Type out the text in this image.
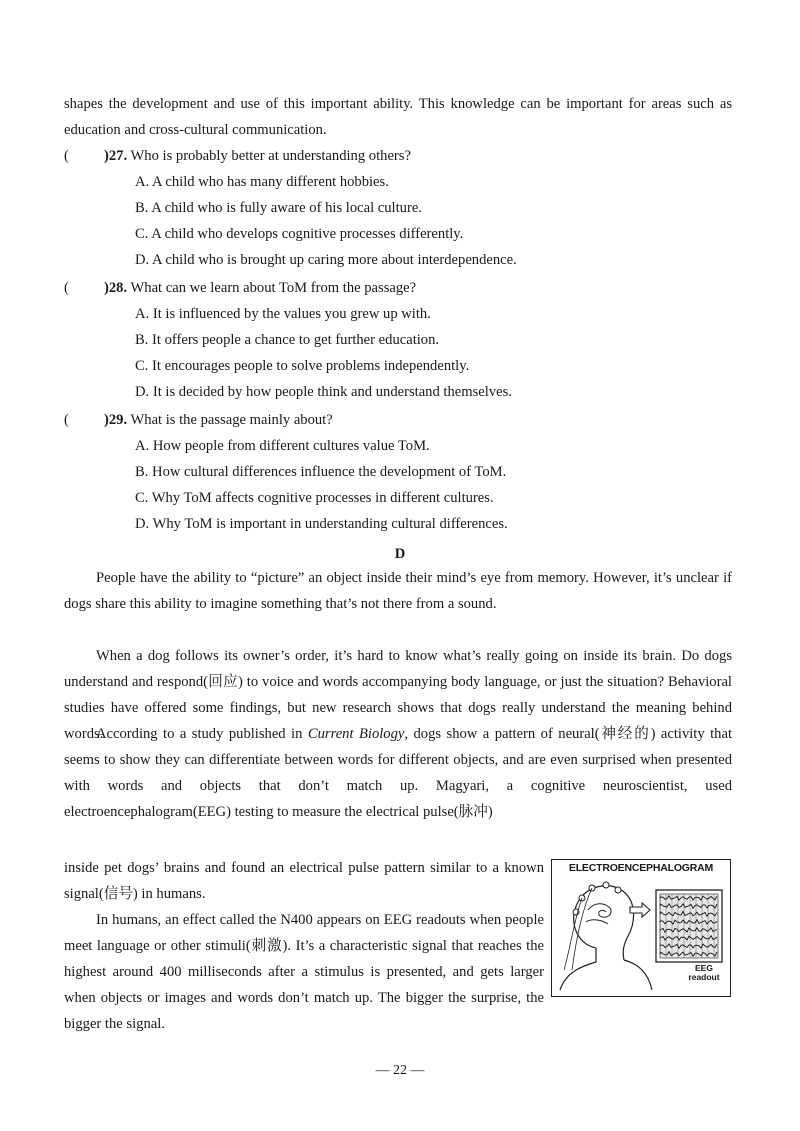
shapes the development and use of this important ability. This knowledge can be important for areas such as education and cross-cultural communication.

( )27. Who is probably better at understanding others?
A. A child who has many different hobbies.
B. A child who is fully aware of his local culture.
C. A child who develops cognitive processes differently.
D. A child who is brought up caring more about interdependence.
( )28. What can we learn about ToM from the passage?
A. It is influenced by the values you grew up with.
B. It offers people a chance to get further education.
C. It encourages people to solve problems independently.
D. It is decided by how people think and understand themselves.
( )29. What is the passage mainly about?
A. How people from different cultures value ToM.
B. How cultural differences influence the development of ToM.
C. Why ToM affects cognitive processes in different cultures.
D. Why ToM is important in understanding cultural differences.
D

People have the ability to “picture” an object inside their mind’s eye from memory. However, it’s unclear if dogs share this ability to imagine something that’s not there from a sound.

When a dog follows its owner’s order, it’s hard to know what’s really going on inside its brain. Do dogs understand and respond(回应) to voice and words accompanying body language, or just the situation? Behavioral studies have offered some findings, but new research shows that dogs really understand the meaning behind words.

According to a study published in Current Biology, dogs show a pattern of neural(神经的) activity that seems to show they can differentiate between words for different objects, and are even surprised when presented with words and objects that don’t match up. Magyari, a cognitive neuroscientist, used electroencephalogram(EEG) testing to measure the electrical pulse(脉冲)

inside pet dogs’ brains and found an electrical pulse pattern similar to a known signal(信号) in humans.

In humans, an effect called the N400 appears on EEG readouts when people meet language or other stimuli(刺激). It’s a characteristic signal that reaches the highest around 400 milliseconds after a stimulus is presented, and gets larger when objects or images and words don’t match up. The bigger the surprise, the bigger the signal.

ELECTROENCEPHALOGRAM
EEG
readout
— 22 —
